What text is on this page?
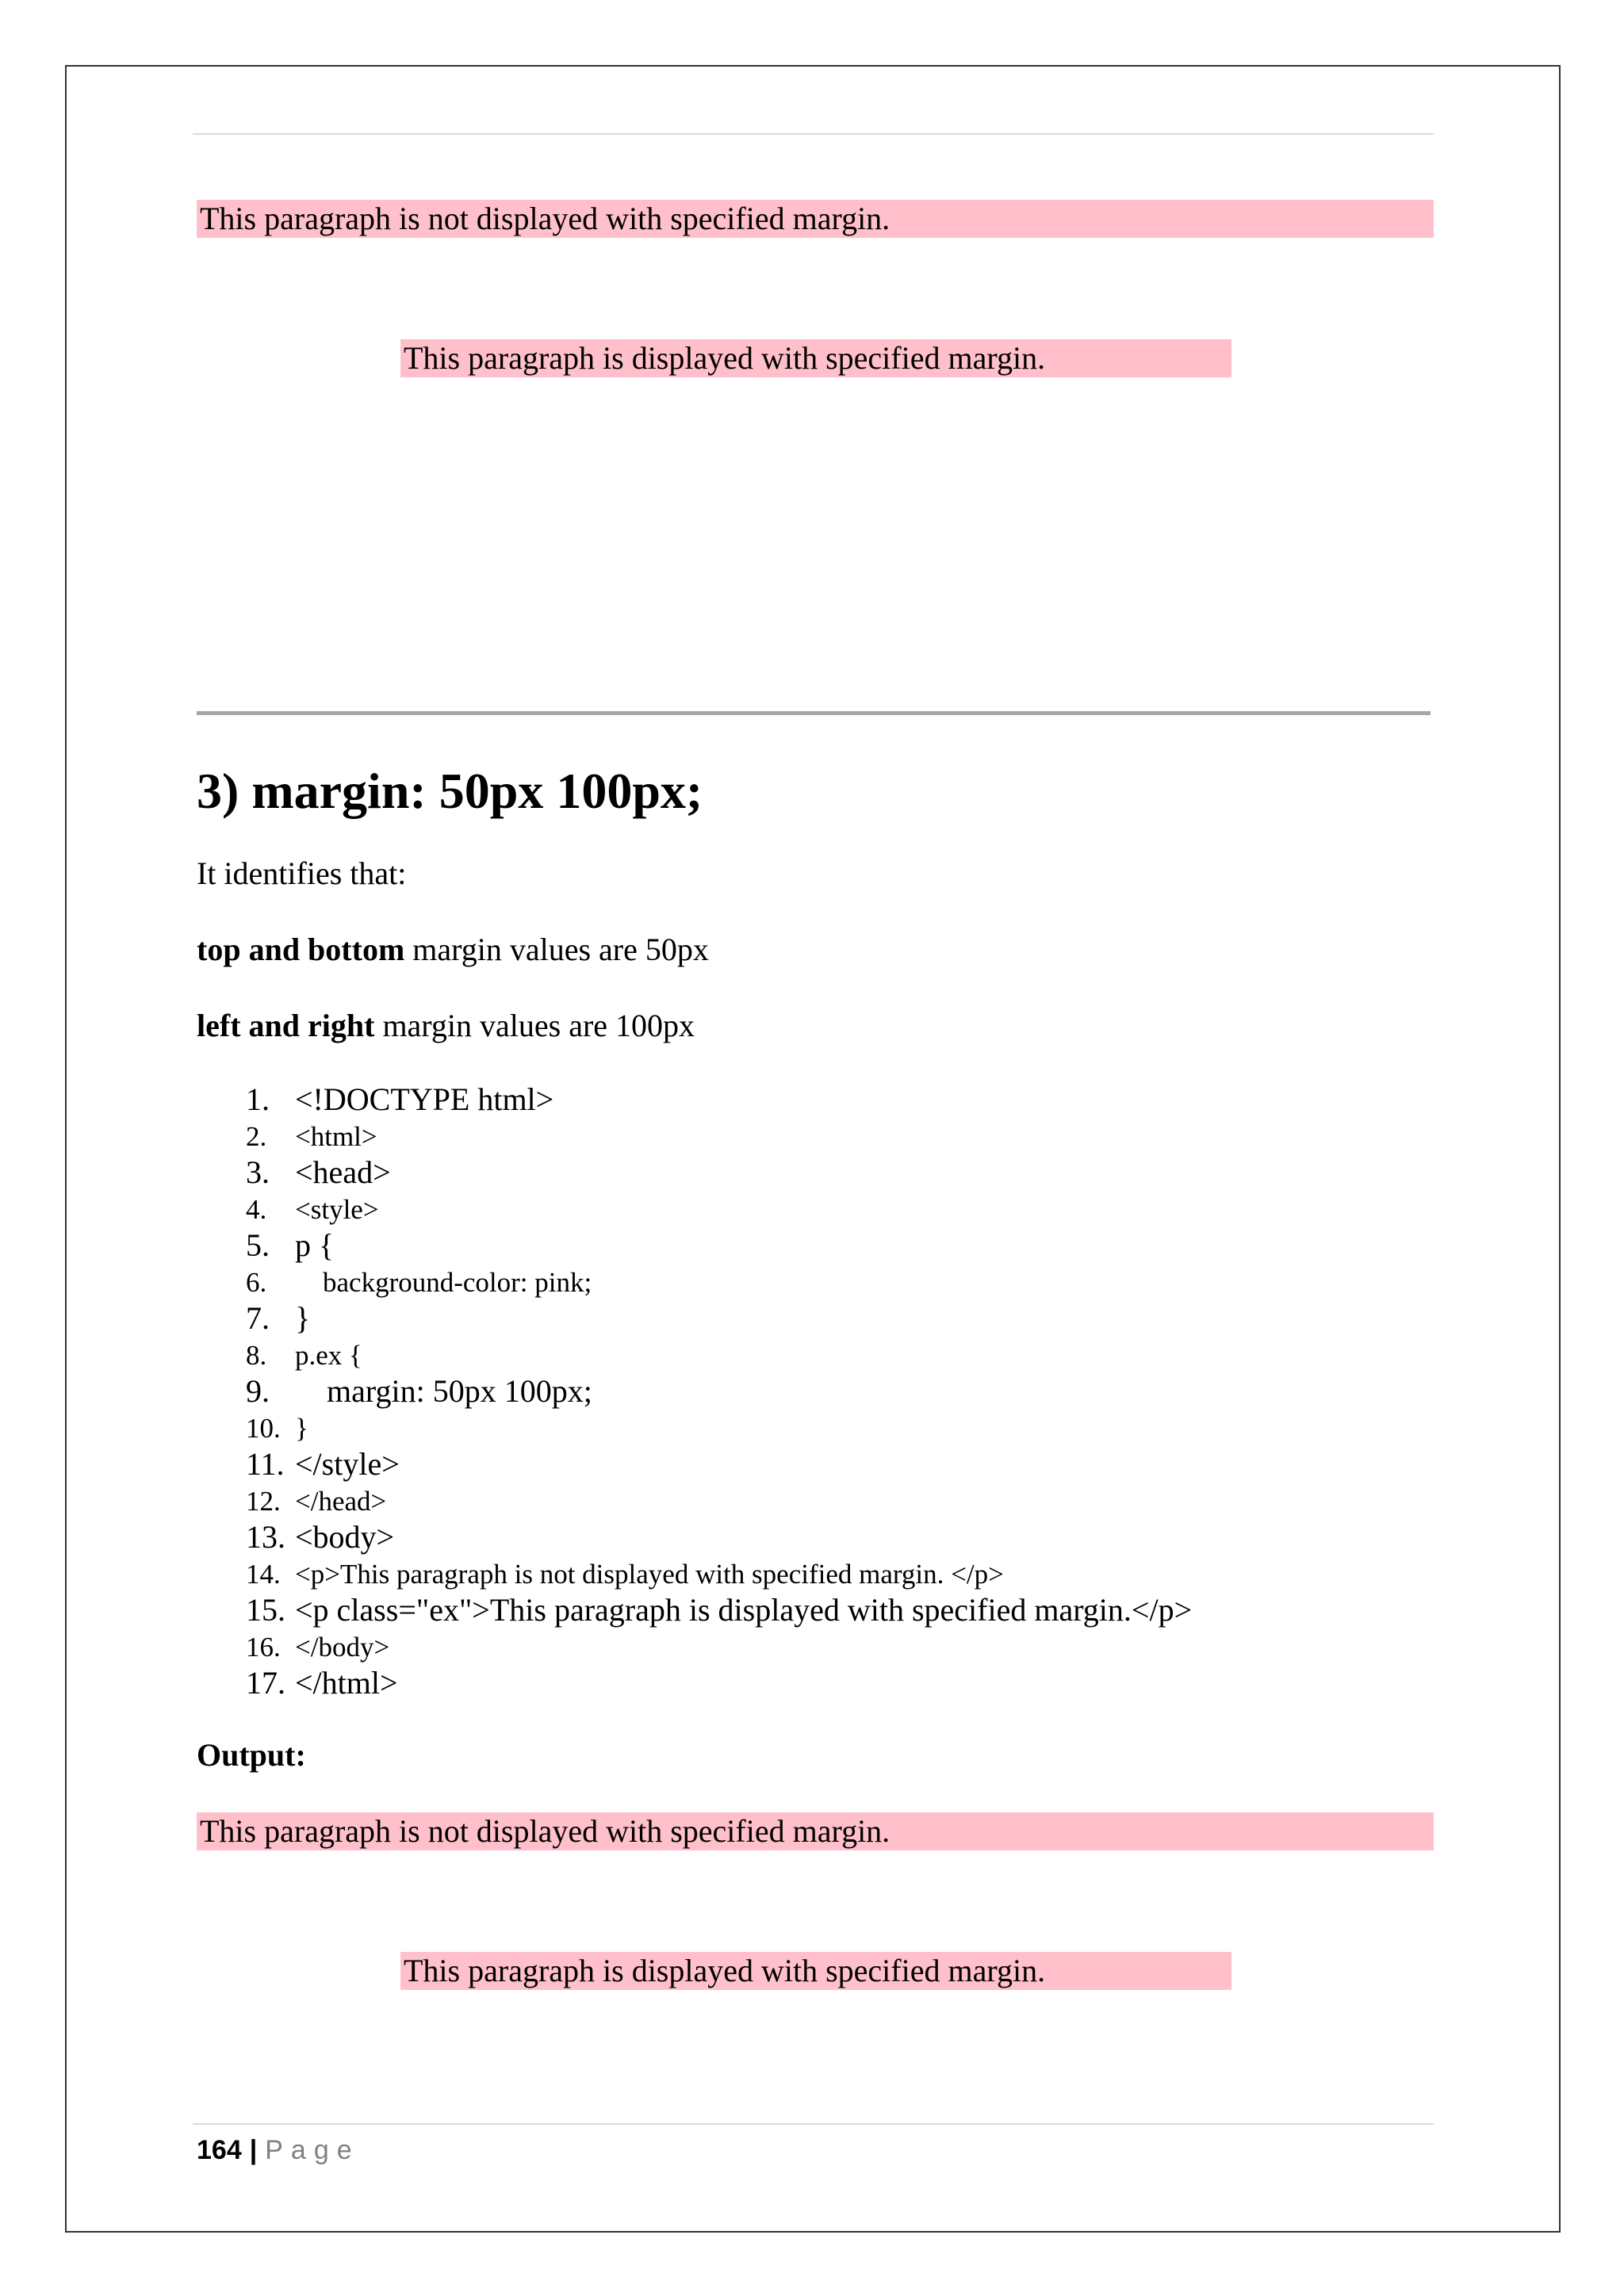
This paragraph is not displayed with specified margin.
This paragraph is displayed with specified margin.
3) margin: 50px 100px;
It identifies that:
top and bottom margin values are 50px
left and right margin values are 100px
1. <!DOCTYPE html>
2. <html>
3. <head>
4. <style>
5. p {
6.    background-color: pink;
7. }
8. p.ex {
9.    margin: 50px 100px;
10. }
11. </style>
12. </head>
13. <body>
14. <p>This paragraph is not displayed with specified margin. </p>
15. <p class="ex">This paragraph is displayed with specified margin.</p>
16. </body>
17. </html>
Output:
This paragraph is not displayed with specified margin.
This paragraph is displayed with specified margin.
164 | Page
